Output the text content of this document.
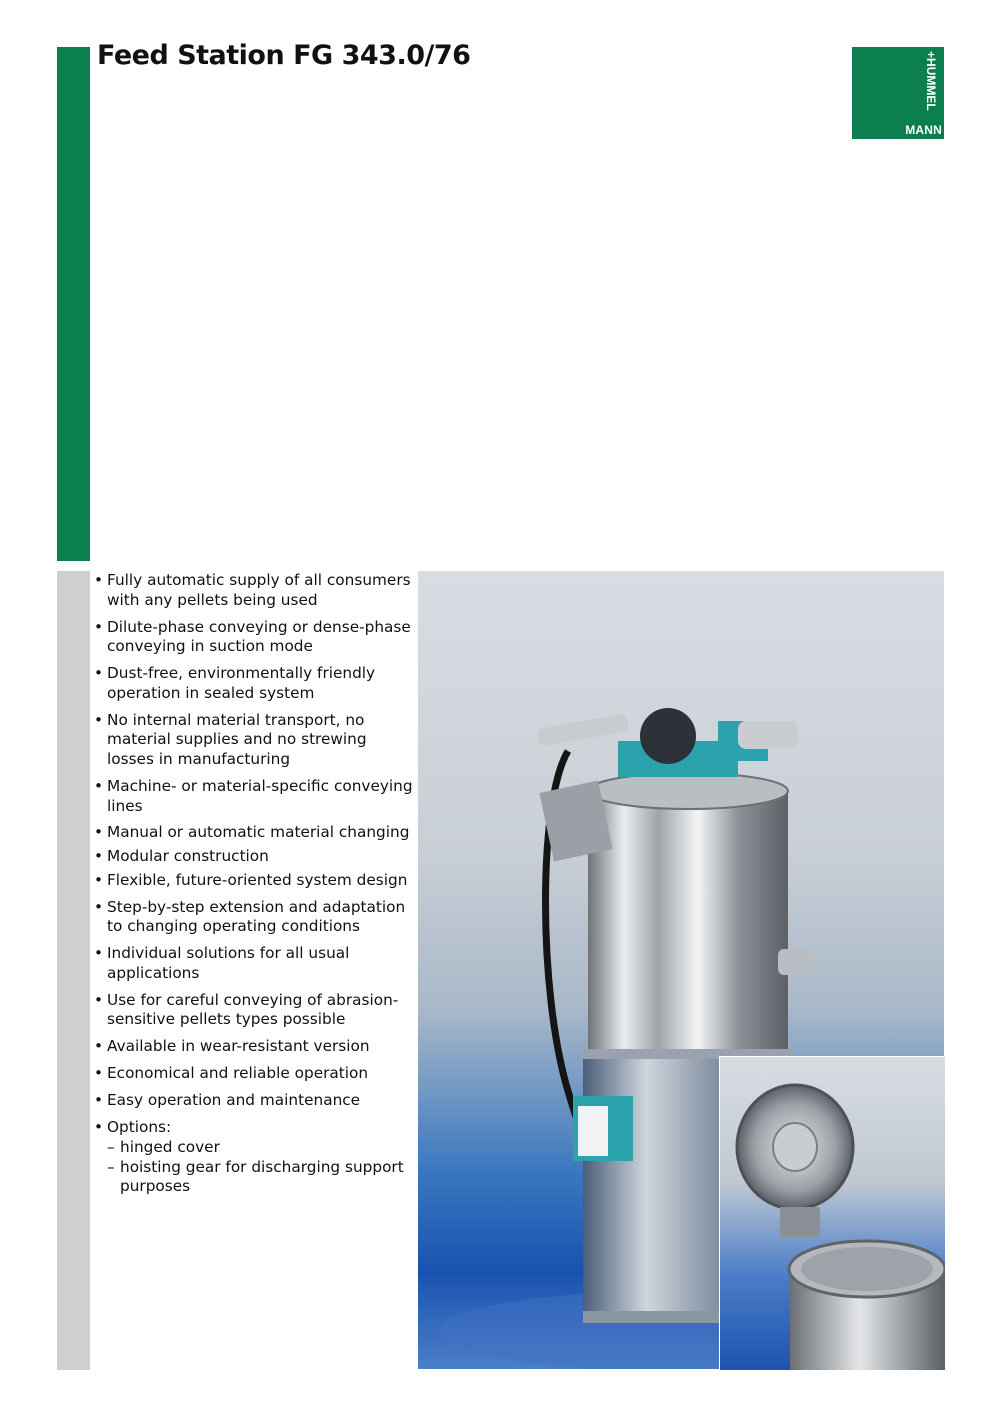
Feed Station FG 343.0/76
MANN
+HUMMEL
• Fully automatic supply of all consumers with any pellets being used
• Dilute-phase conveying or dense-phase conveying in suction mode
• Dust-free, environmentally friendly operation in sealed system
• No internal material transport, no material supplies and no strewing losses in manufacturing
• Machine- or material-specific conveying lines
• Manual or automatic material changing
• Modular construction
• Flexible, future-oriented system design
• Step-by-step extension and adaptation to changing operating conditions
• Individual solutions for all usual applications
• Use for careful conveying of abrasion-sensitive pellets types possible
• Available in wear-resistant version
• Economical and reliable operation
• Easy operation and maintenance
• Options:
– hinged cover
– hoisting gear for discharging support purposes
